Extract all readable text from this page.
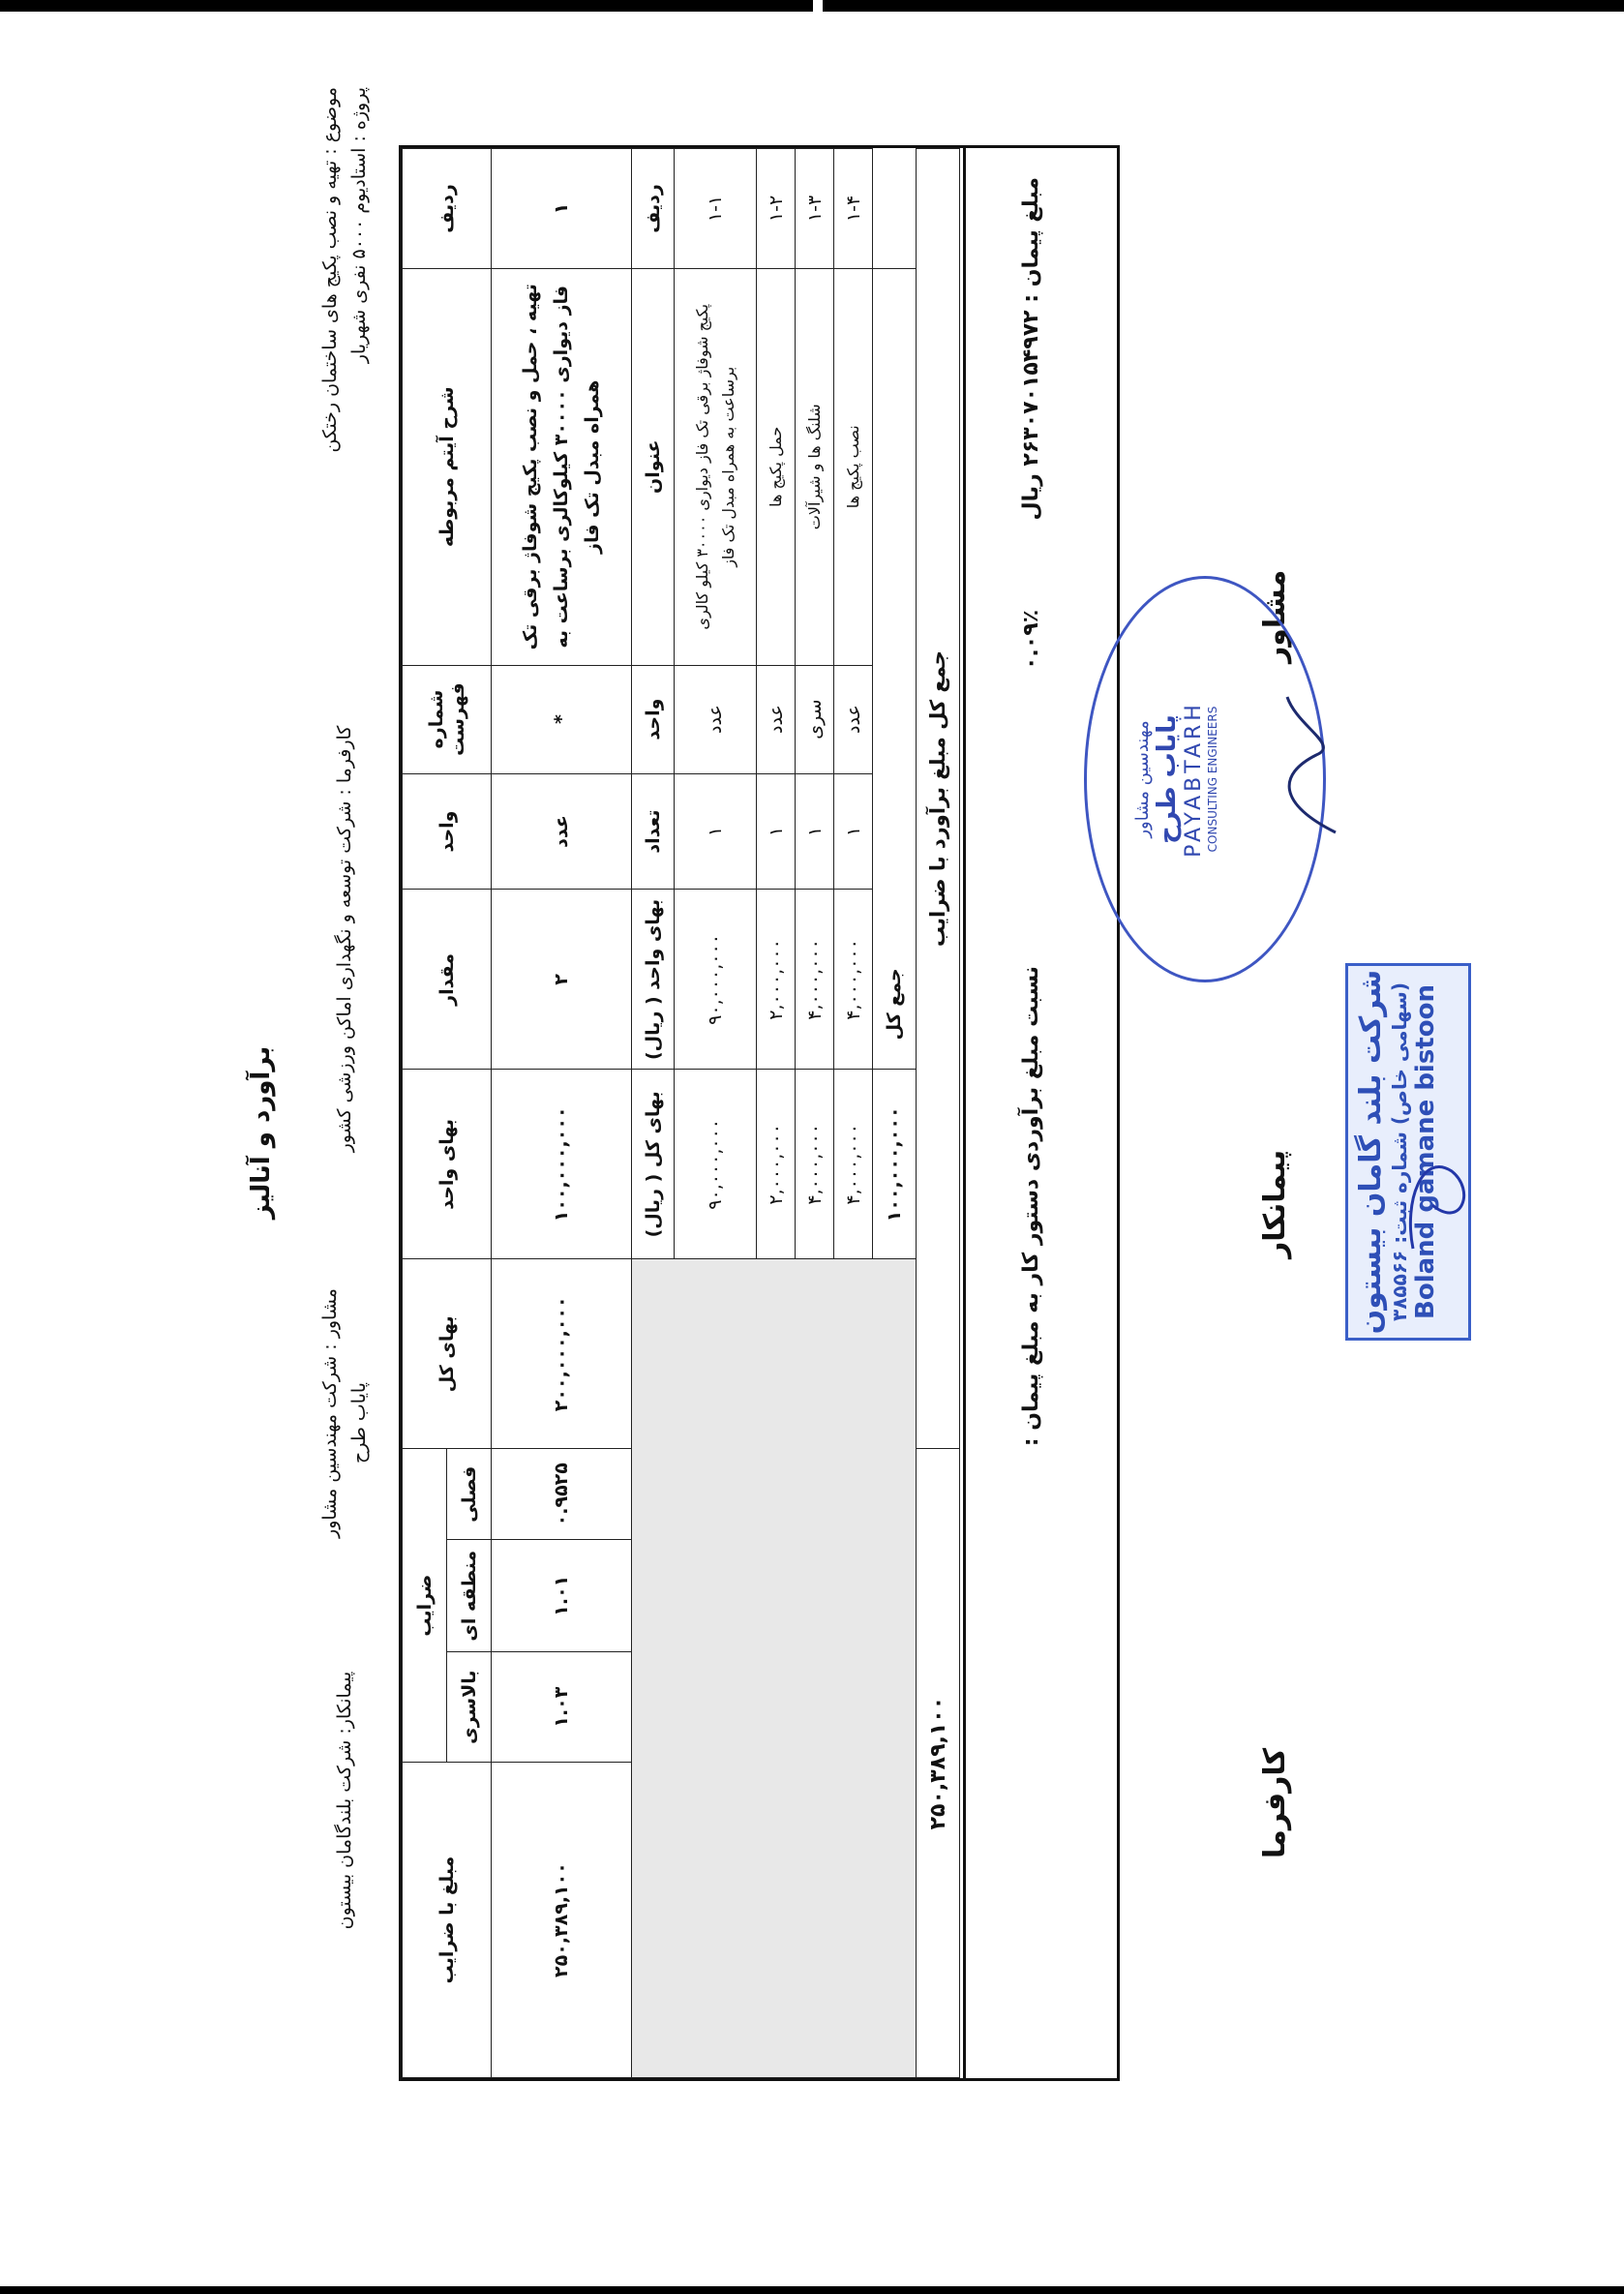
برآورد و آنالیز
موضوع : تهیه و نصب پکیج های ساختمان رختکن پروژه : استادیوم ۵۰۰۰ نفری شهریار
کارفرما : شرکت توسعه و نگهداری اماکن ورزشی کشور
مشاور : شرکت مهندسین مشاور پایاب طرح
پیمانکار: شرکت بلندگامان بیستون
ردیف	شرح آیتم مربوطه	شماره فهرست	واحد	مقدار	بهای واحد	بهای کل	ضرایب			مبلغ با ضرایب
							فصلی	منطقه ای	بالاسری	
۱	تهیه ، حمل و نصب پکیج شوفاژ برقی تک فاز دیواری ۳۰۰۰۰ کیلوکالری برساعت به همراه مبدل تک فاز	*	عدد	۲	۱۰۰,۰۰۰,۰۰۰	۲۰۰,۰۰۰,۰۰۰	۰.۹۵۲۵	۱.۰۱	۱.۰۳	۲۵۰,۳۸۹,۱۰۰
ردیف	عنوان	واحد	تعداد	بهای واحد ( ریال)	بهای کل ( ریال)					
۱-۱	پکیج شوفاژ برقی تک فاز دیواری ۳۰۰۰۰ کیلو کالری برساعت به همراه مبدل تک فاز	عدد	۱	۹۰,۰۰۰,۰۰۰	۹۰,۰۰۰,۰۰۰					
۱-۲	حمل پکیج ها	عدد	۱	۲,۰۰۰,۰۰۰	۲,۰۰۰,۰۰۰					
۱-۳	شلنگ ها و شیرآلات	سری	۱	۴,۰۰۰,۰۰۰	۴,۰۰۰,۰۰۰					
۱-۴	نصب پکیج ها	عدد	۱	۴,۰۰۰,۰۰۰	۴,۰۰۰,۰۰۰					
	جمع کل				۱۰۰,۰۰۰,۰۰۰					
جمع کل مبلغ برآورد با ضرایب							۲۵۰,۳۸۹,۱۰۰			
مبلغ پیمان : ۲۶۳۰۷۰۱۵۴۹۷۲ ریال
نسبت مبلغ برآوردی دستور کار به مبلغ پیمان :
۰.۰۹٪	مشاور
پیمانکار
کارفرما
شرکت بلند گامان بیستون (سهامی خاص) شماره ثبت: ۳۸۵۵۶۶ Boland gamane bistoon
مهندسین مشاور پایاب طرح PAYABTARH CONSULTING ENGINEERS
